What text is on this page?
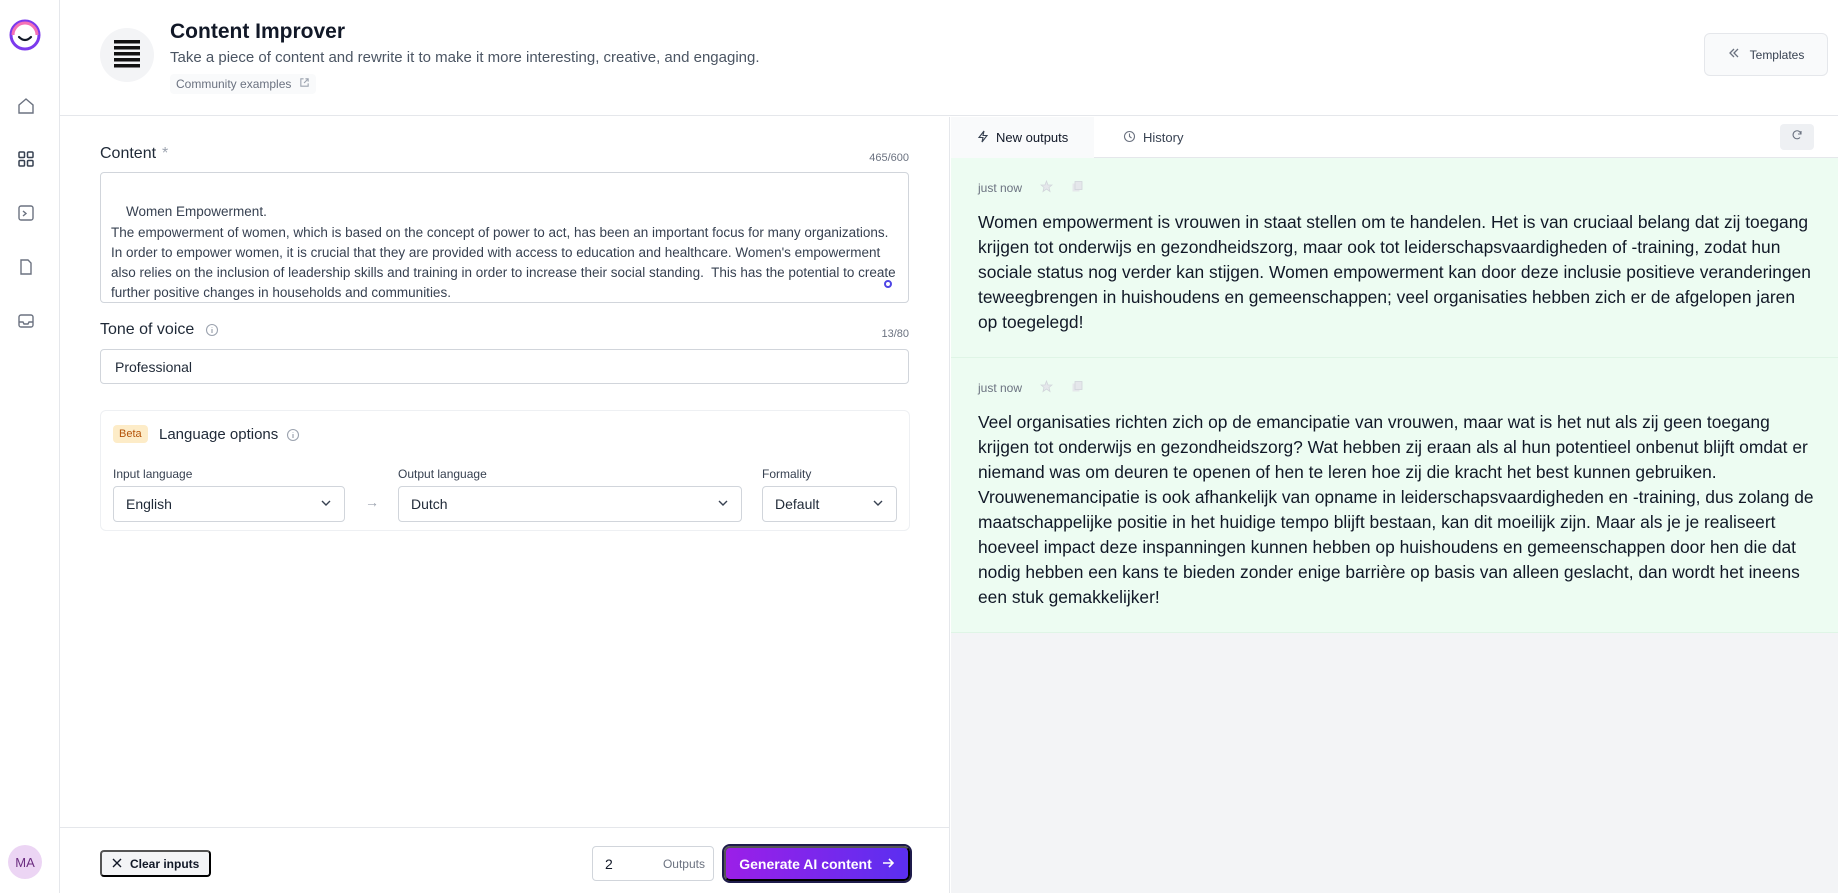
MA
Content Improver

Take a piece of content and rewrite it to make it more interesting, creative, and engaging.

Community examples
Templates
Content *	465/600

Women Empowerment.
The empowerment of women, which is based on the concept of power to act, has been an important focus for many organizations. In order to empower women, it is crucial that they are provided with access to education and healthcare. Women's empowerment also relies on the inclusion of leadership skills and training in order to increase their social standing.  This has the potential to create further positive changes in households and communities.

Tone of voice	13/80
Professional
Beta	Language options
Input language
English	→
Output language
Dutch
Formality
Default
Clear inputs	2	Outputs Generate AI content
New outputs	History
just now

Women empowerment is vrouwen in staat stellen om te handelen. Het is van cruciaal belang dat zij toegang krijgen tot onderwijs en gezondheidszorg, maar ook tot leiderschapsvaardigheden of -training, zodat hun sociale status nog verder kan stijgen. Women empowerment kan door deze inclusie positieve veranderingen teweegbrengen in huishoudens en gemeenschappen; veel organisaties hebben zich er de afgelopen jaren op toegelegd!

just now

Veel organisaties richten zich op de emancipatie van vrouwen, maar wat is het nut als zij geen toegang krijgen tot onderwijs en gezondheidszorg? Wat hebben zij eraan als al hun potentieel onbenut blijft omdat er niemand was om deuren te openen of hen te leren hoe zij die kracht het best kunnen gebruiken. Vrouwenemancipatie is ook afhankelijk van opname in leiderschapsvaardigheden en -training, dus zolang de maatschappelijke positie in het huidige tempo blijft bestaan, kan dit moeilijk zijn. Maar als je je realiseert hoeveel impact deze inspanningen kunnen hebben op huishoudens en gemeenschappen door hen die dat nodig hebben een kans te bieden zonder enige barrière op basis van alleen geslacht, dan wordt het ineens een stuk gemakkelijker!
